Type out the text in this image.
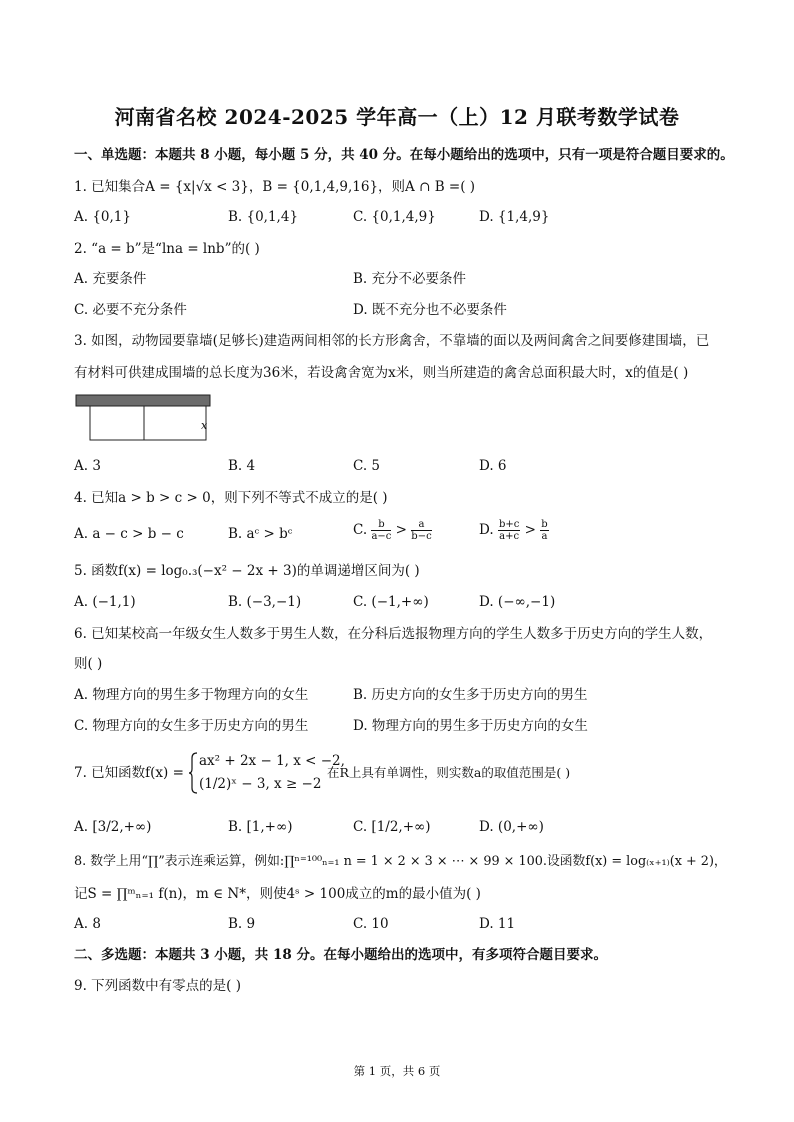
河南省名校 2024-2025 学年高一（上）12 月联考数学试卷
一、单选题：本题共 8 小题，每小题 5 分，共 40 分。在每小题给出的选项中，只有一项是符合题目要求的。
1. 已知集合A = {x|√x < 3}，B = {0,1,4,9,16}，则A ∩ B =( )
A. {0,1}	B. {0,1,4}	C. {0,1,4,9}	D. {1,4,9}
2. “a = b”是“lna = lnb”的( )
A. 充要条件	B. 充分不必要条件
C. 必要不充分条件	D. 既不充分也不必要条件
3. 如图，动物园要靠墙(足够长)建造两间相邻的长方形禽舍，不靠墙的面以及两间禽舍之间要修建围墙，已
有材料可供建成围墙的总长度为36米，若设禽舍宽为x米，则当所建造的禽舍总面积最大时，x的值是( )
x
A. 3	B. 4	C. 5	D. 6
4. 已知a > b > c > 0，则下列不等式不成立的是( )
A. a − c > b − c	B. aᶜ > bᶜ	C. $\frac{b}{a-c} > \frac{a}{b-c}$	D. $\frac{b+c}{a+c} > \frac{b}{a}$
5. 函数f(x) = log₀.₃(−x² − 2x + 3)的单调递增区间为( )
A. (−1,1)	B. (−3,−1)	C. (−1,+∞)	D. (−∞,−1)
6. 已知某校高一年级女生人数多于男生人数，在分科后选报物理方向的学生人数多于历史方向的学生人数，
则( )
A. 物理方向的男生多于物理方向的女生	B. 历史方向的女生多于历史方向的男生
C. 物理方向的女生多于历史方向的男生	D. 物理方向的男生多于历史方向的女生
7. 已知函数f(x) =
ax² + 2x − 1, x < −2,
(1/2)ˣ − 3, x ≥ −2
在R上具有单调性，则实数a的取值范围是( )
A. [3/2,+∞)	B. [1,+∞)	C. [1/2,+∞)	D. (0,+∞)
8. 数学上用“∏”表示连乘运算，例如:∏ⁿ⁼¹⁰⁰ₙ₌₁ n = 1 × 2 × 3 × ⋯ × 99 × 100.设函数f(x) = log₍ₓ₊₁₎(x + 2)，
记S = ∏ᵐₙ₌₁ f(n)，m ∈ N*，则使4ˢ > 100成立的m的最小值为( )
A. 8	B. 9	C. 10	D. 11
二、多选题：本题共 3 小题，共 18 分。在每小题给出的选项中，有多项符合题目要求。
9. 下列函数中有零点的是( )
第 1 页，共 6 页
